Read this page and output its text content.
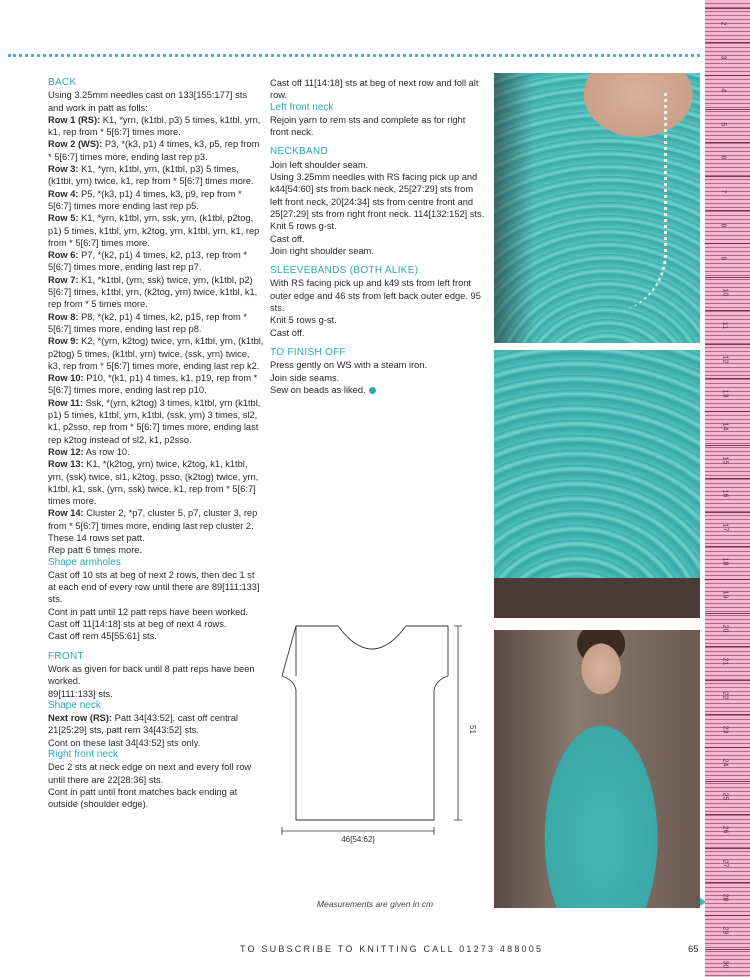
2
3
4
5
6
7
8
9
10
11
12
13
14
15
16
17
18
19
20
21
22
23
24
25
26
27
28
29
30

BACK

Using 3.25mm needles cast on 133[155:177] sts and work in patt as folls:

Row 1 (RS): K1, *yrn, (k1tbl, p3) 5 times, k1tbl, yrn, k1, rep from * 5[6:7] times more.

Row 2 (WS): P3, *(k3, p1) 4 times, k3, p5, rep from * 5[6:7] times more, ending last rep p3.

Row 3: K1, *yrn, k1tbl, yrn, (k1tbl, p3) 5 times, (k1tbl, yrn) twice, k1, rep from * 5[6:7] times more.

Row 4: P5, *(k3, p1) 4 times, k3, p9, rep from * 5[6:7] times more ending last rep p5.

Row 5: K1, *yrn, k1tbl, yrn, ssk, yrn, (k1tbl, p2tog, p1) 5 times, k1tbl, yrn, k2tog, yrn, k1tbl, yrn, k1, rep from * 5[6:7] times more.

Row 6: P7, *(k2, p1) 4 times, k2, p13, rep from * 5[6:7] times more, ending last rep p7.

Row 7: K1, *k1tbl, (yrn, ssk) twice, yrn, (k1tbl, p2) 5[6:7] times, k1tbl, yrn, (k2tog, yrn) twice, k1tbl, k1, rep from * 5 times more.

Row 8: P8, *(k2, p1) 4 times, k2, p15, rep from * 5[6:7] times more, ending last rep p8.

Row 9: K2, *(yrn, k2tog) twice, yrn, k1tbl, yrn, (k1tbl, p2tog) 5 times, (k1tbl, yrn) twice, (ssk, yrn) twice, k3, rep from * 5[6:7] times more, ending last rep k2.

Row 10: P10, *(k1, p1) 4 times, k1, p19, rep from * 5[6:7] times more, ending last rep p10.

Row 11: Ssk, *(yrn, k2tog) 3 times, k1tbl, yrn (k1tbl, p1) 5 times, k1tbl, yrn, k1tbl, (ssk, yrn) 3 times, sl2, k1, p2sso, rep from * 5[6:7] times more, ending last rep k2tog instead of sl2, k1, p2sso.

Row 12: As row 10.

Row 13: K1, *(k2tog, yrn) twice, k2tog, k1, k1tbl, yrn, (ssk) twice, sl1, k2tog, psso, (k2tog) twice, yrn, k1tbl, k1, ssk, (yrn, ssk) twice, k1, rep from * 5[6:7] times more.

Row 14: Cluster 2, *p7, cluster 5, p7, cluster 3, rep from * 5[6:7] times more, ending last rep cluster 2.

These 14 rows set patt.

Rep patt 6 times more.

Shape armholes

Cast off 10 sts at beg of next 2 rows, then dec 1 st at each end of every row until there are 89[111:133] sts.

Cont in patt until 12 patt reps have been worked.

Cast off 11[14:18] sts at beg of next 4 rows.

Cast off rem 45[55:61] sts.

FRONT

Work as given for back until 8 patt reps have been worked.

89[111:133] sts.

Shape neck

Next row (RS): Patt 34[43:52], cast off central 21[25:29] sts, patt rem 34[43:52] sts.

Cont on these last 34[43:52] sts only.

Right front neck

Dec 2 sts at neck edge on next and every foll row until there are 22[28:36] sts.

Cont in patt until front matches back ending at outside (shoulder edge).

Cast off 11[14:18] sts at beg of next row and foll alt row.

Left front neck

Rejoin yarn to rem sts and complete as for right front neck.

NECKBAND

Join left shoulder seam.

Using 3.25mm needles with RS facing pick up and k44[54:60] sts from back neck, 25[27:29] sts from left front neck, 20[24:34] sts from centre front and 25[27:29] sts from right front neck. 114[132:152] sts.

Knit 5 rows g-st.

Cast off.

Join right shoulder seam.

SLEEVEBANDS (BOTH ALIKE)

With RS facing pick up and k49 sts from left front outer edge and 46 sts from left back outer edge. 95 sts.

Knit 5 rows g-st.

Cast off.

TO FINISH OFF

Press gently on WS with a steam iron.

Join side seams.

Sew on beads as liked.

46[54:62]
51
Measurements are given in cm
TO SUBSCRIBE TO KNITTING CALL 01273 488005	65
